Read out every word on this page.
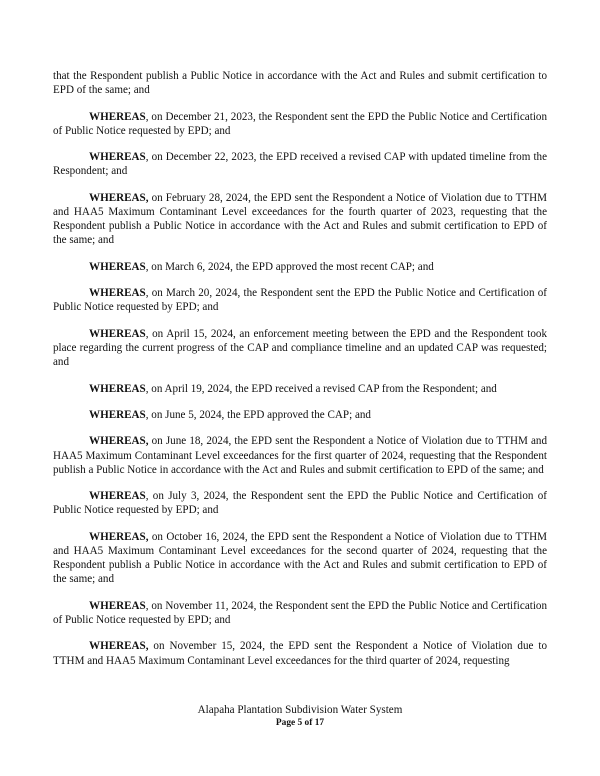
that the Respondent publish a Public Notice in accordance with the Act and Rules and submit certification to EPD of the same; and

WHEREAS, on December 21, 2023, the Respondent sent the EPD the Public Notice and Certification of Public Notice requested by EPD; and

WHEREAS, on December 22, 2023, the EPD received a revised CAP with updated timeline from the Respondent; and

WHEREAS, on February 28, 2024, the EPD sent the Respondent a Notice of Violation due to TTHM and HAA5 Maximum Contaminant Level exceedances for the fourth quarter of 2023, requesting that the Respondent publish a Public Notice in accordance with the Act and Rules and submit certification to EPD of the same; and

WHEREAS, on March 6, 2024, the EPD approved the most recent CAP; and

WHEREAS, on March 20, 2024, the Respondent sent the EPD the Public Notice and Certification of Public Notice requested by EPD; and

WHEREAS, on April 15, 2024, an enforcement meeting between the EPD and the Respondent took place regarding the current progress of the CAP and compliance timeline and an updated CAP was requested; and

WHEREAS, on April 19, 2024, the EPD received a revised CAP from the Respondent; and

WHEREAS, on June 5, 2024, the EPD approved the CAP; and

WHEREAS, on June 18, 2024, the EPD sent the Respondent a Notice of Violation due to TTHM and HAA5 Maximum Contaminant Level exceedances for the first quarter of 2024, requesting that the Respondent publish a Public Notice in accordance with the Act and Rules and submit certification to EPD of the same; and

WHEREAS, on July 3, 2024, the Respondent sent the EPD the Public Notice and Certification of Public Notice requested by EPD; and

WHEREAS, on October 16, 2024, the EPD sent the Respondent a Notice of Violation due to TTHM and HAA5 Maximum Contaminant Level exceedances for the second quarter of 2024, requesting that the Respondent publish a Public Notice in accordance with the Act and Rules and submit certification to EPD of the same; and

WHEREAS, on November 11, 2024, the Respondent sent the EPD the Public Notice and Certification of Public Notice requested by EPD; and

WHEREAS, on November 15, 2024, the EPD sent the Respondent a Notice of Violation due to TTHM and HAA5 Maximum Contaminant Level exceedances for the third quarter of 2024, requesting

Alapaha Plantation Subdivision Water System
Page 5 of 17
